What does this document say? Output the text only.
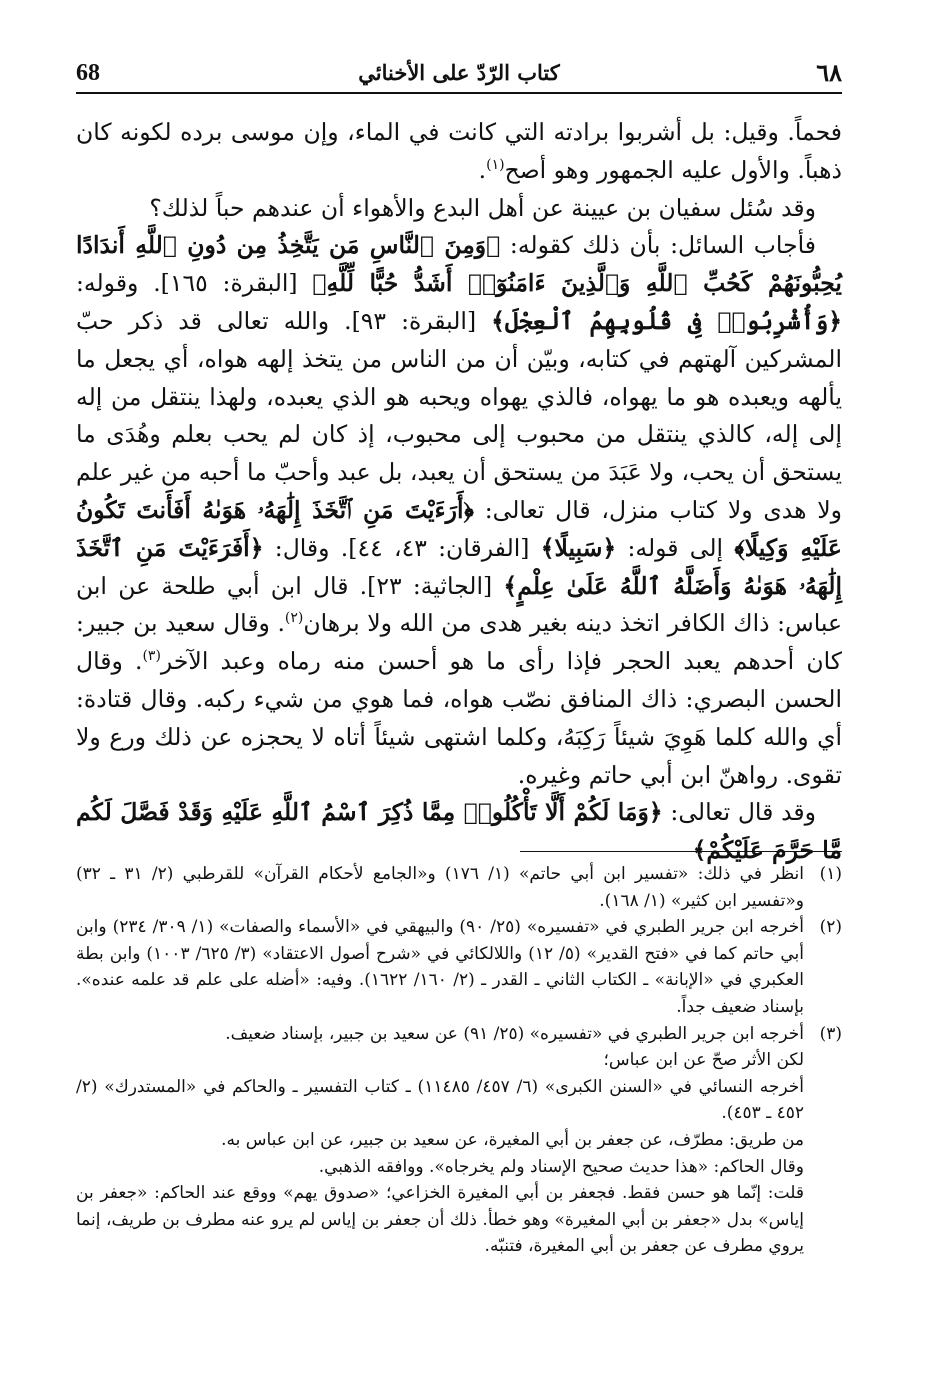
68	كتاب الرّدّ على الأخنائي	٦٨

فحماً. وقيل: بل أشربوا برادته التي كانت في الماء، وإن موسى برده لكونه كان ذهباً. والأول عليه الجمهور وهو أصح$^{(١)}$.

وقد سُئل سفيان بن عيينة عن أهل البدع والأهواء أن عندهم حباً لذلك؟

فأجاب السائل: بأن ذلك كقوله: ﴿وَمِنَ ٱلنَّاسِ مَن يَتَّخِذُ مِن دُونِ ٱللَّهِ أَندَادًا يُحِبُّونَهُمْ كَحُبِّ ٱللَّهِ وَٱلَّذِينَ ءَامَنُوٓا۟ أَشَدُّ حُبًّا لِّلَّهِ﴾ [البقرة: ١٦٥]. وقوله: ﴿وَأُشْرِبُوا۟ فِى قُلُوبِهِمُ ٱلْعِجْلَ﴾ [البقرة: ٩٣]. والله تعالى قد ذكر حبّ المشركين آلهتهم في كتابه، وبيّن أن من الناس من يتخذ إلهه هواه، أي يجعل ما يألهه ويعبده هو ما يهواه، فالذي يهواه ويحبه هو الذي يعبده، ولهذا ينتقل من إله إلى إله، كالذي ينتقل من محبوب إلى محبوب، إذ كان لم يحب بعلم وهُدَى ما يستحق أن يحب، ولا عَبَدَ من يستحق أن يعبد، بل عبد وأحبّ ما أحبه من غير علم ولا هدى ولا كتاب منزل، قال تعالى: ﴿أَرَءَيْتَ مَنِ ٱتَّخَذَ إِلَٰهَهُۥ هَوَىٰهُ أَفَأَنتَ تَكُونُ عَلَيْهِ وَكِيلًا﴾ إلى قوله: ﴿سَبِيلًا﴾ [الفرقان: ٤٣، ٤٤]. وقال: ﴿أَفَرَءَيْتَ مَنِ ٱتَّخَذَ إِلَٰهَهُۥ هَوَىٰهُ وَأَضَلَّهُ ٱللَّهُ عَلَىٰ عِلْمٍ﴾ [الجاثية: ٢٣]. قال ابن أبي طلحة عن ابن عباس: ذاك الكافر اتخذ دينه بغير هدى من الله ولا برهان$^{(٢)}$. وقال سعيد بن جبير: كان أحدهم يعبد الحجر فإذا رأى ما هو أحسن منه رماه وعبد الآخر$^{(٣)}$. وقال الحسن البصري: ذاك المنافق نصّب هواه، فما هوي من شيء ركبه. وقال قتادة: أي والله كلما هَوِيَ شيئاً رَكِبَهُ، وكلما اشتهى شيئاً أتاه لا يحجزه عن ذلك ورع ولا تقوى. رواهنّ ابن أبي حاتم وغيره.

وقد قال تعالى: ﴿وَمَا لَكُمْ أَلَّا تَأْكُلُوا۟ مِمَّا ذُكِرَ ٱسْمُ ٱللَّهِ عَلَيْهِ وَقَدْ فَصَّلَ لَكُم مَّا حَرَّمَ عَلَيْكُمْ﴾

(١)
انظر في ذلك: «تفسير ابن أبي حاتم» (١/ ١٧٦) و«الجامع لأحكام القرآن» للقرطبي (٢/ ٣١ ـ ٣٢) و«تفسير ابن كثير» (١/ ١٦٨).
(٢)
أخرجه ابن جرير الطبري في «تفسيره» (٢٥/ ٩٠) والبيهقي في «الأسماء والصفات» (١/ ٣٠٩/ ٢٣٤) وابن أبي حاتم كما في «فتح القدير» (٥/ ١٢) واللالكائي في «شرح أصول الاعتقاد» (٣/ ٦٢٥/ ١٠٠٣) وابن بطة العكبري في «الإبانة» ـ الكتاب الثاني ـ القدر ـ (٢/ ١٦٠/ ١٦٢٢). وفيه: «أضله على علم قد علمه عنده». بإسناد ضعيف جداً.
(٣)

أخرجه ابن جرير الطبري في «تفسيره» (٢٥/ ٩١) عن سعيد بن جبير، بإسناد ضعيف.

لكن الأثر صحّ عن ابن عباس؛

أخرجه النسائي في «السنن الكبرى» (٦/ ٤٥٧/ ١١٤٨٥) ـ كتاب التفسير ـ والحاكم في «المستدرك» (٢/ ٤٥٢ ـ ٤٥٣).

من طريق: مطرّف، عن جعفر بن أبي المغيرة، عن سعيد بن جبير، عن ابن عباس به.

وقال الحاكم: «هذا حديث صحيح الإسناد ولم يخرجاه». ووافقه الذهبي.

قلت: إنّما هو حسن فقط. فجعفر بن أبي المغيرة الخزاعي؛ «صدوق يهم» ووقع عند الحاكم: «جعفر بن إياس» بدل «جعفر بن أبي المغيرة» وهو خطأ. ذلك أن جعفر بن إياس لم يرو عنه مطرف بن طريف، إنما يروي مطرف عن جعفر بن أبي المغيرة، فتنبّه.
